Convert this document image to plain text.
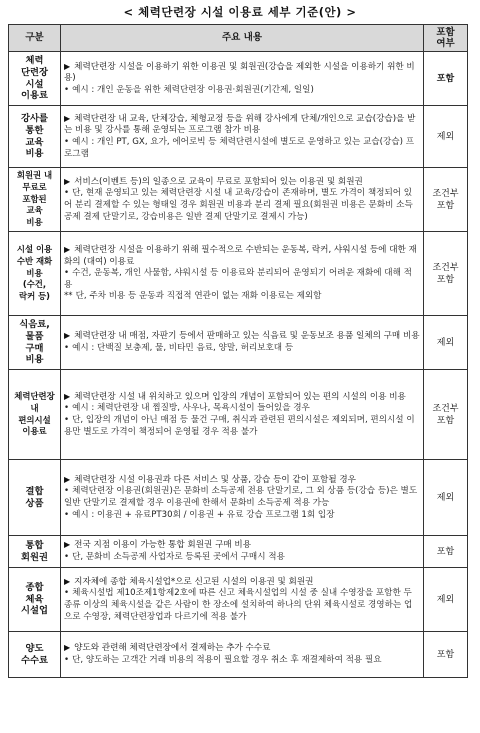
< 체력단련장 시설 이용료 세부 기준(안) >
구분	주요 내용	포함
여부
체력
단련장
시설
이용료	▶ 체력단련장 시설을 이용하기 위한 이용권 및 회원권(강습을 제외한 시설을 이용하기 위한 비용)
• 예시 : 개인 운동을 위한 체력단련장 이용권·회원권(기간제, 일일)	포함
강사를
통한
교육
비용	▶ 체력단련장 내 교육, 단체강습, 체형교정 등을 위해 강사에게 단체/개인으로 교습(강습)을 받는 비용 및 강사를 통해 운영되는 프로그램 참가 비용
• 예시 : 개인 PT, GX, 요가, 에어로빅 등 체력단련시설에 별도로 운영하고 있는 교습(강습) 프로그램	제외
회원권 내
무료로
포함된
교육
비용	▶ 서비스(이벤트 등)의 일종으로 교육이 무료로 포함되어 있는 이용권 및 회원권
• 단, 현재 운영되고 있는 체력단련장 시설 내 교육/강습이 존재하며, 별도 가격이 책정되어 있어 분리 결제할 수 있는 형태일 경우 회원권 비용과 분리 결제 필요(회원권 비용은 문화비 소득공제 결제 단말기로, 강습비용은 일반 결제 단말기로 결제시 가능)	조건부
포함
시설 이용
수반 재화
비용
(수건,
락커 등)	▶ 체력단련장 시설을 이용하기 위해 필수적으로 수반되는 운동복, 락커, 샤워시설 등에 대한 재화의 (대여) 이용료
• 수건, 운동복, 개인 사물함, 샤워시설 등 이용료와 분리되어 운영되기 어려운 재화에 대해 적용
** 단, 주차 비용 등 운동과 직접적 연관이 없는 재화 이용료는 제외함	조건부
포함
식음료,
물품
구매
비용	▶ 체력단련장 내 매점, 자판기 등에서 판매하고 있는 식음료 및 운동보조 용품 일체의 구매 비용
• 예시 : 단백질 보충제, 물, 비타민 음료, 양말, 허리보호대 등	제외
체력단련장
내
편의시설
이용료	▶ 체력단련장 시설 내 위치하고 있으며 입장의 개념이 포함되어 있는 편의 시설의 이용 비용
• 예시 : 체력단련장 내 찜질방, 사우나, 목욕시설이 들어있을 경우
• 단, 입장의 개념이 아닌 매점 등 물건 구매, 취식과 관련된 편의시설은 제외되며, 편의시설 이용만 별도로 가격이 책정되어 운영될 경우 적용 불가	조건부
포함
결합
상품	▶ 체력단련장 시설 이용권과 다른 서비스 및 상품, 강습 등이 같이 포함될 경우
• 체력단련장 이용권(회원권)은 문화비 소득공제 전용 단말기로, 그 외 상품 등(강습 등)은 별도 일반 단말기로 결제할 경우 이용권에 한해서 문화비 소득공제 적용 가능
• 예시 : 이용권 + 유료PT30회 / 이용권 + 유료 강습 프로그램 1회 입장	제외
통합
회원권	▶ 전국 지점 이용이 가능한 통합 회원권 구매 비용
• 단, 문화비 소득공제 사업자로 등록된 곳에서 구매시 적용	포함
종합
체육
시설업	▶ 지자체에 종합 체육시설업*으로 신고된 시설의 이용권 및 회원권
• 체육시설법 제10조제1항제2호에 따른 신고 체육시설업의 시설 중 실내 수영장을 포함한 두 종류 이상의 체육시설을 같은 사람이 한 장소에 설치하여 하나의 단위 체육시설로 경영하는 업으로 수영장, 체력단련장업과 다르기에 적용 불가	제외
양도
수수료	▶ 양도와 관련해 체력단련장에서 결제하는 추가 수수료
• 단, 양도하는 고객간 거래 비용의 적용이 필요할 경우 취소 후 재결제하여 적용 필요	포함
